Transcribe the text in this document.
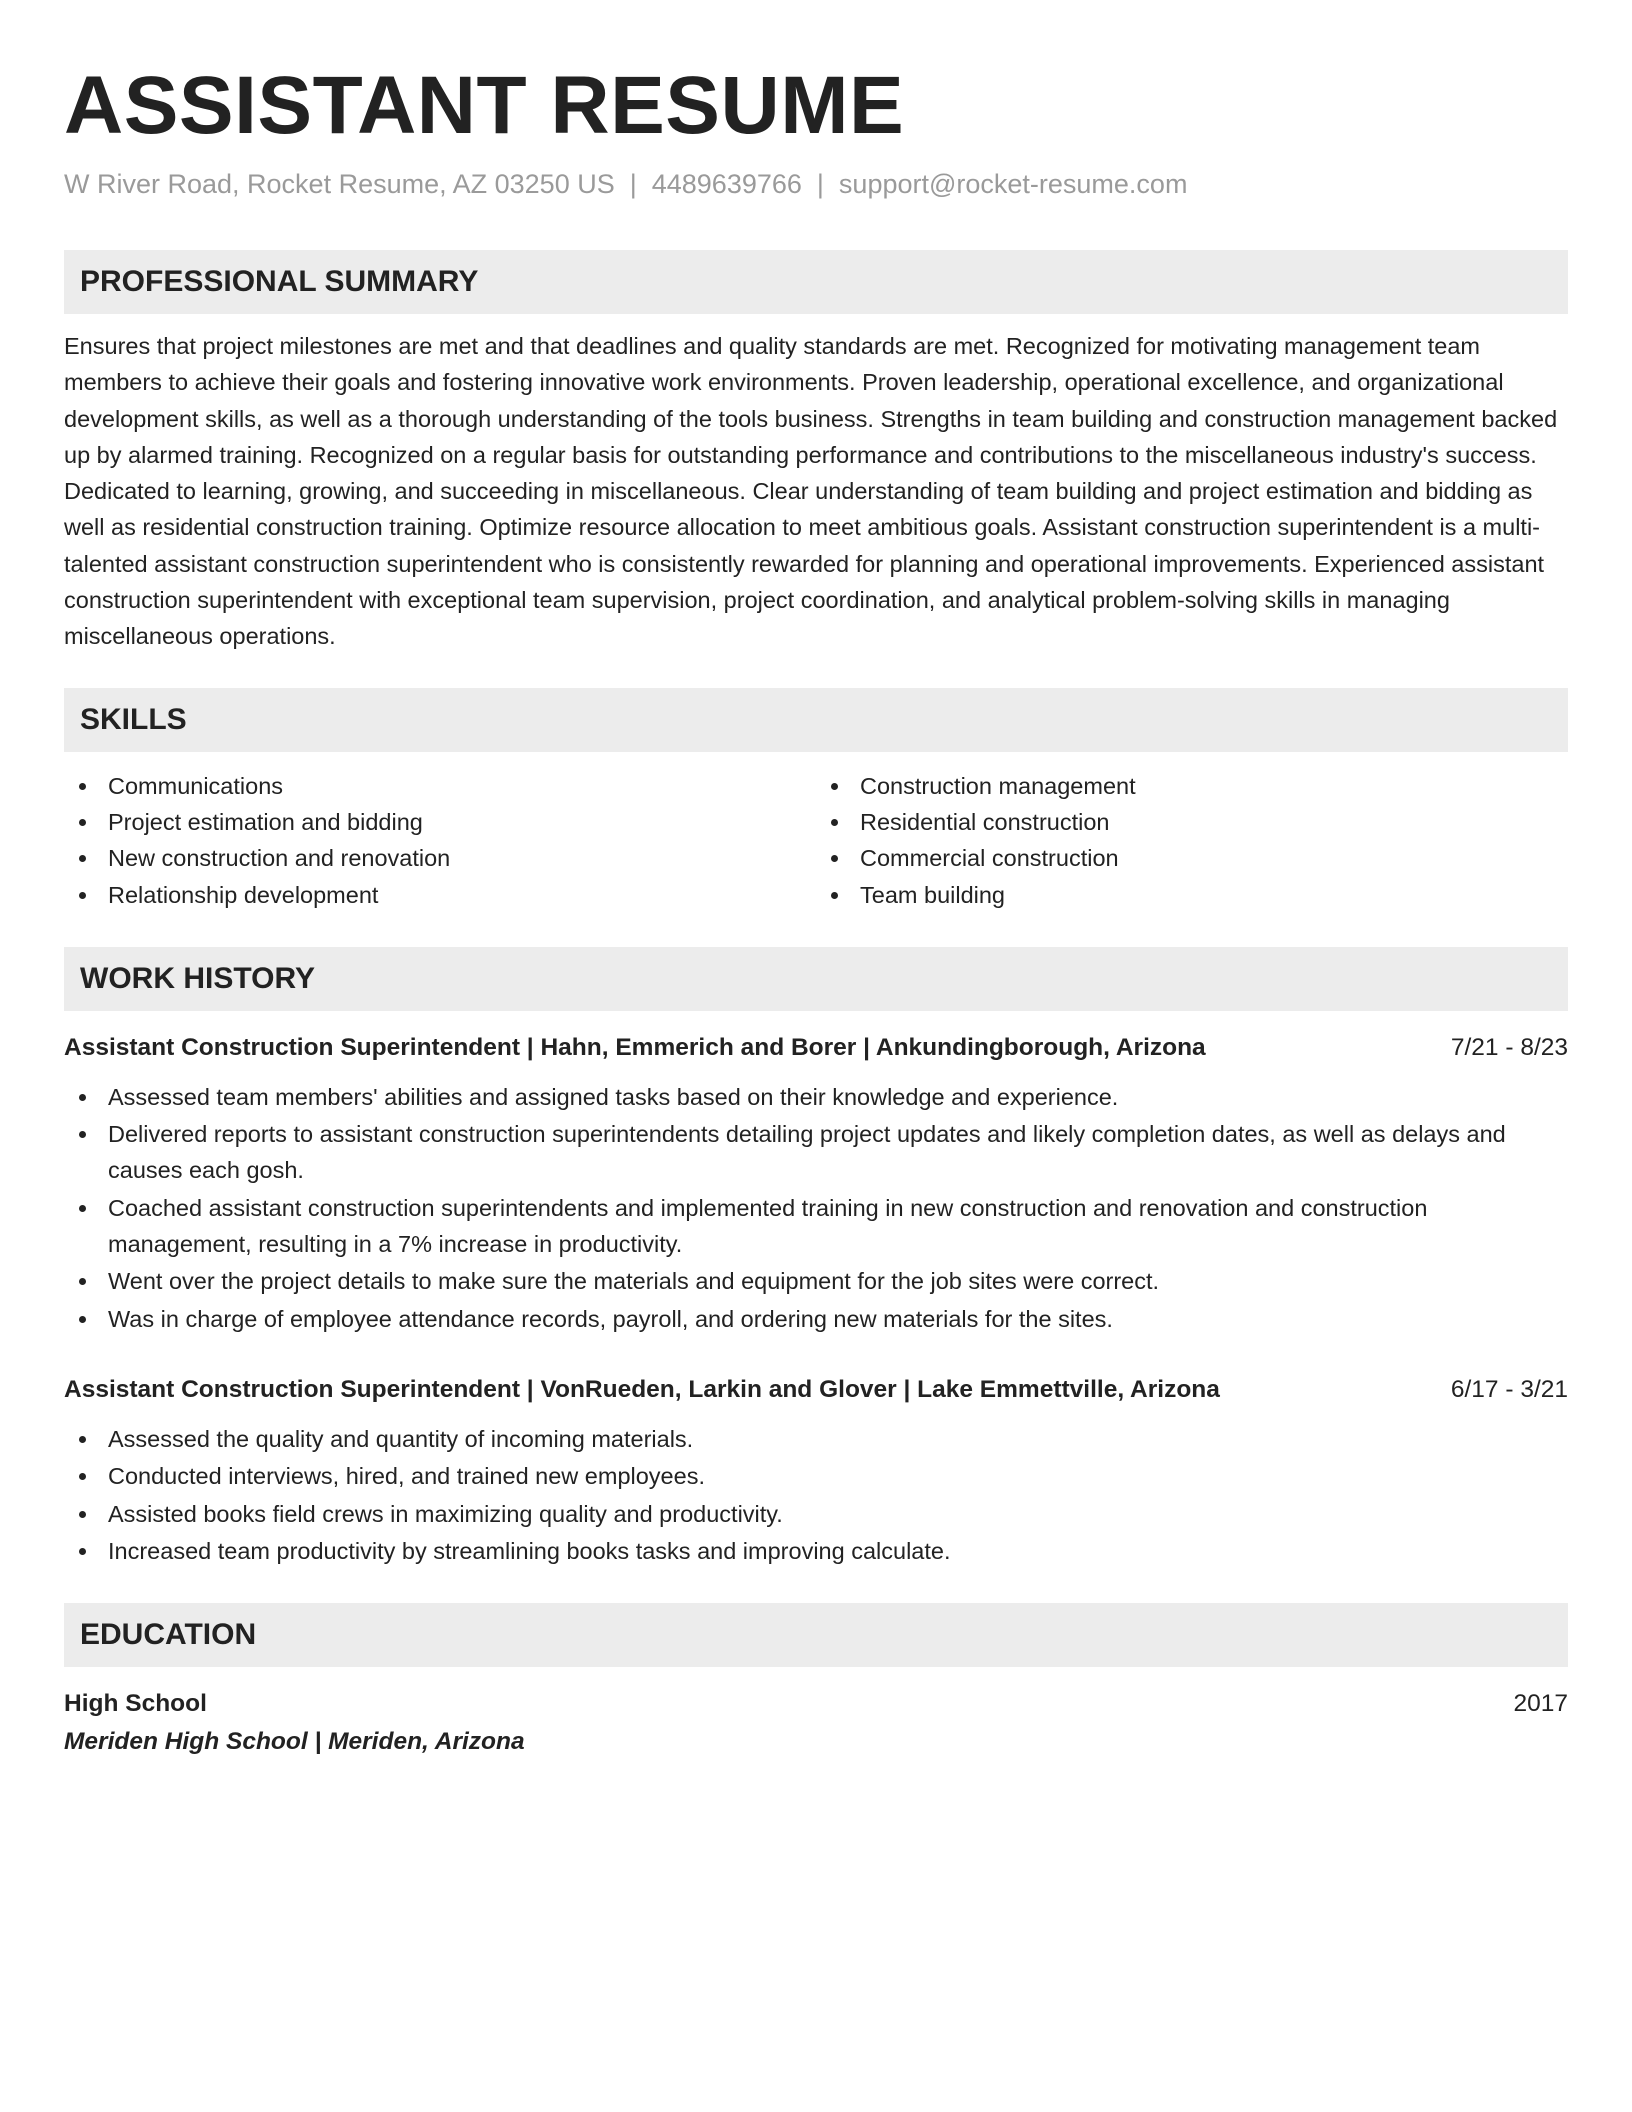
ASSISTANT RESUME
W River Road, Rocket Resume, AZ 03250 US | 4489639766 | support@rocket-resume.com
PROFESSIONAL SUMMARY
Ensures that project milestones are met and that deadlines and quality standards are met. Recognized for motivating management team members to achieve their goals and fostering innovative work environments. Proven leadership, operational excellence, and organizational development skills, as well as a thorough understanding of the tools business. Strengths in team building and construction management backed up by alarmed training. Recognized on a regular basis for outstanding performance and contributions to the miscellaneous industry's success. Dedicated to learning, growing, and succeeding in miscellaneous. Clear understanding of team building and project estimation and bidding as well as residential construction training. Optimize resource allocation to meet ambitious goals. Assistant construction superintendent is a multi-talented assistant construction superintendent who is consistently rewarded for planning and operational improvements. Experienced assistant construction superintendent with exceptional team supervision, project coordination, and analytical problem-solving skills in managing miscellaneous operations.
SKILLS
Communications
Project estimation and bidding
New construction and renovation
Relationship development
Construction management
Residential construction
Commercial construction
Team building
WORK HISTORY
Assistant Construction Superintendent | Hahn, Emmerich and Borer | Ankundingborough, Arizona	7/21 - 8/23
Assessed team members' abilities and assigned tasks based on their knowledge and experience.
Delivered reports to assistant construction superintendents detailing project updates and likely completion dates, as well as delays and causes each gosh.
Coached assistant construction superintendents and implemented training in new construction and renovation and construction management, resulting in a 7% increase in productivity.
Went over the project details to make sure the materials and equipment for the job sites were correct.
Was in charge of employee attendance records, payroll, and ordering new materials for the sites.
Assistant Construction Superintendent | VonRueden, Larkin and Glover | Lake Emmettville, Arizona	6/17 - 3/21
Assessed the quality and quantity of incoming materials.
Conducted interviews, hired, and trained new employees.
Assisted books field crews in maximizing quality and productivity.
Increased team productivity by streamlining books tasks and improving calculate.
EDUCATION
High School	2017
Meriden High School | Meriden, Arizona
